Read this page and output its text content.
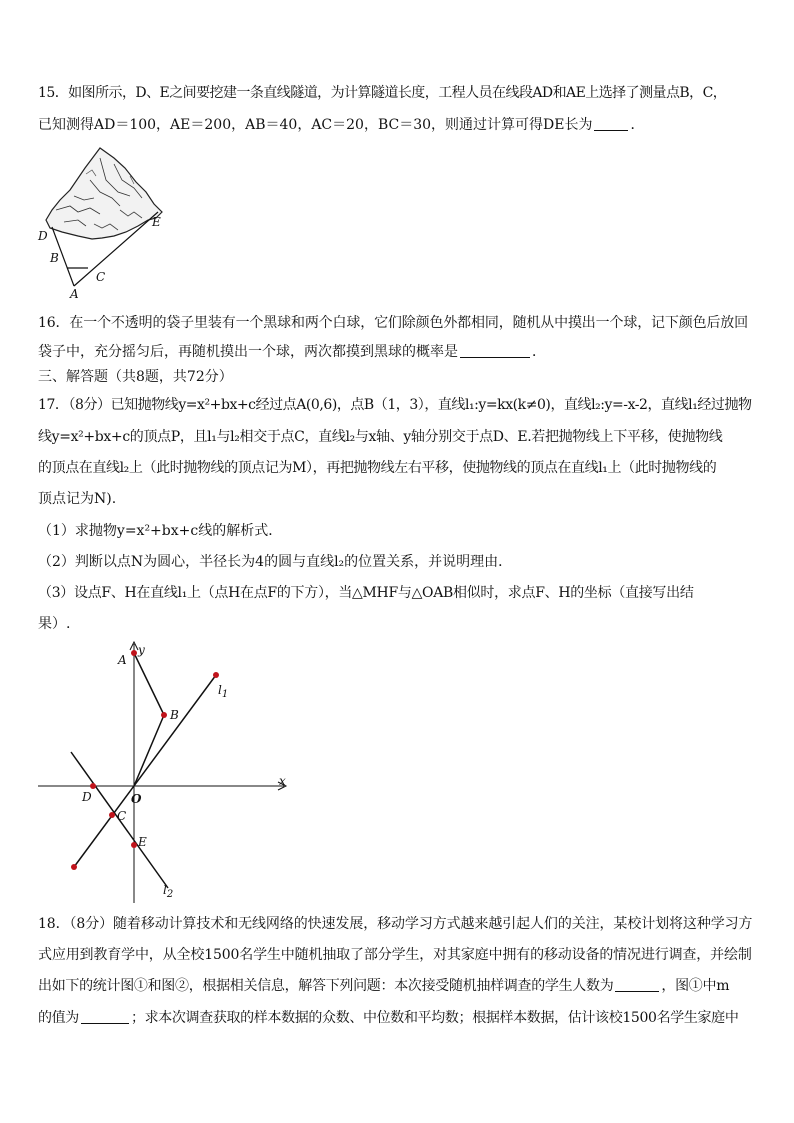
15．如图所示，D、E之间要挖建一条直线隧道，为计算隧道长度，工程人员在线段AD和AE上选择了测量点B，C，
已知测得AD＝100，AE＝200，AB＝40，AC＝20，BC＝30，则通过计算可得DE长为	．
D
E
B
C
A
16．在一个不透明的袋子里装有一个黑球和两个白球，它们除颜色外都相同，随机从中摸出一个球，记下颜色后放回
袋子中，充分摇匀后，再随机摸出一个球，两次都摸到黑球的概率是	．
三、解答题（共8题，共72分）
17．（8分）已知抛物线y=x²+bx+c经过点A(0,6)，点B（1，3），直线l₁:y=kx(k≠0)，直线l₂:y=-x-2，直线l₁经过抛物
线y=x²+bx+c的顶点P，且l₁与l₂相交于点C，直线l₂与x轴、y轴分别交于点D、E.若把抛物线上下平移，使抛物线
的顶点在直线l₂上（此时抛物线的顶点记为M），再把抛物线左右平移，使抛物线的顶点在直线l₁上（此时抛物线的
顶点记为N).
（1）求抛物y=x²+bx+c线的解析式．
（2）判断以点N为圆心，半径长为4的圆与直线l₂的位置关系，并说明理由．
（3）设点F、H在直线l₁上（点H在点F的下方），当△MHF与△OAB相似时，求点F、H的坐标（直接写出结
果）.
A
y
B
$l_1$
x
D	O
C
E
$l_2$
18．（8分）随着移动计算技术和无线网络的快速发展，移动学习方式越来越引起人们的关注，某校计划将这种学习方
式应用到教育学中，从全校1500名学生中随机抽取了部分学生，对其家庭中拥有的移动设备的情况进行调查，并绘制
出如下的统计图①和图②，根据相关信息，解答下列问题：本次接受随机抽样调查的学生人数为	，图①中m
的值为	；求本次调查获取的样本数据的众数、中位数和平均数；根据样本数据，估计该校1500名学生家庭中
